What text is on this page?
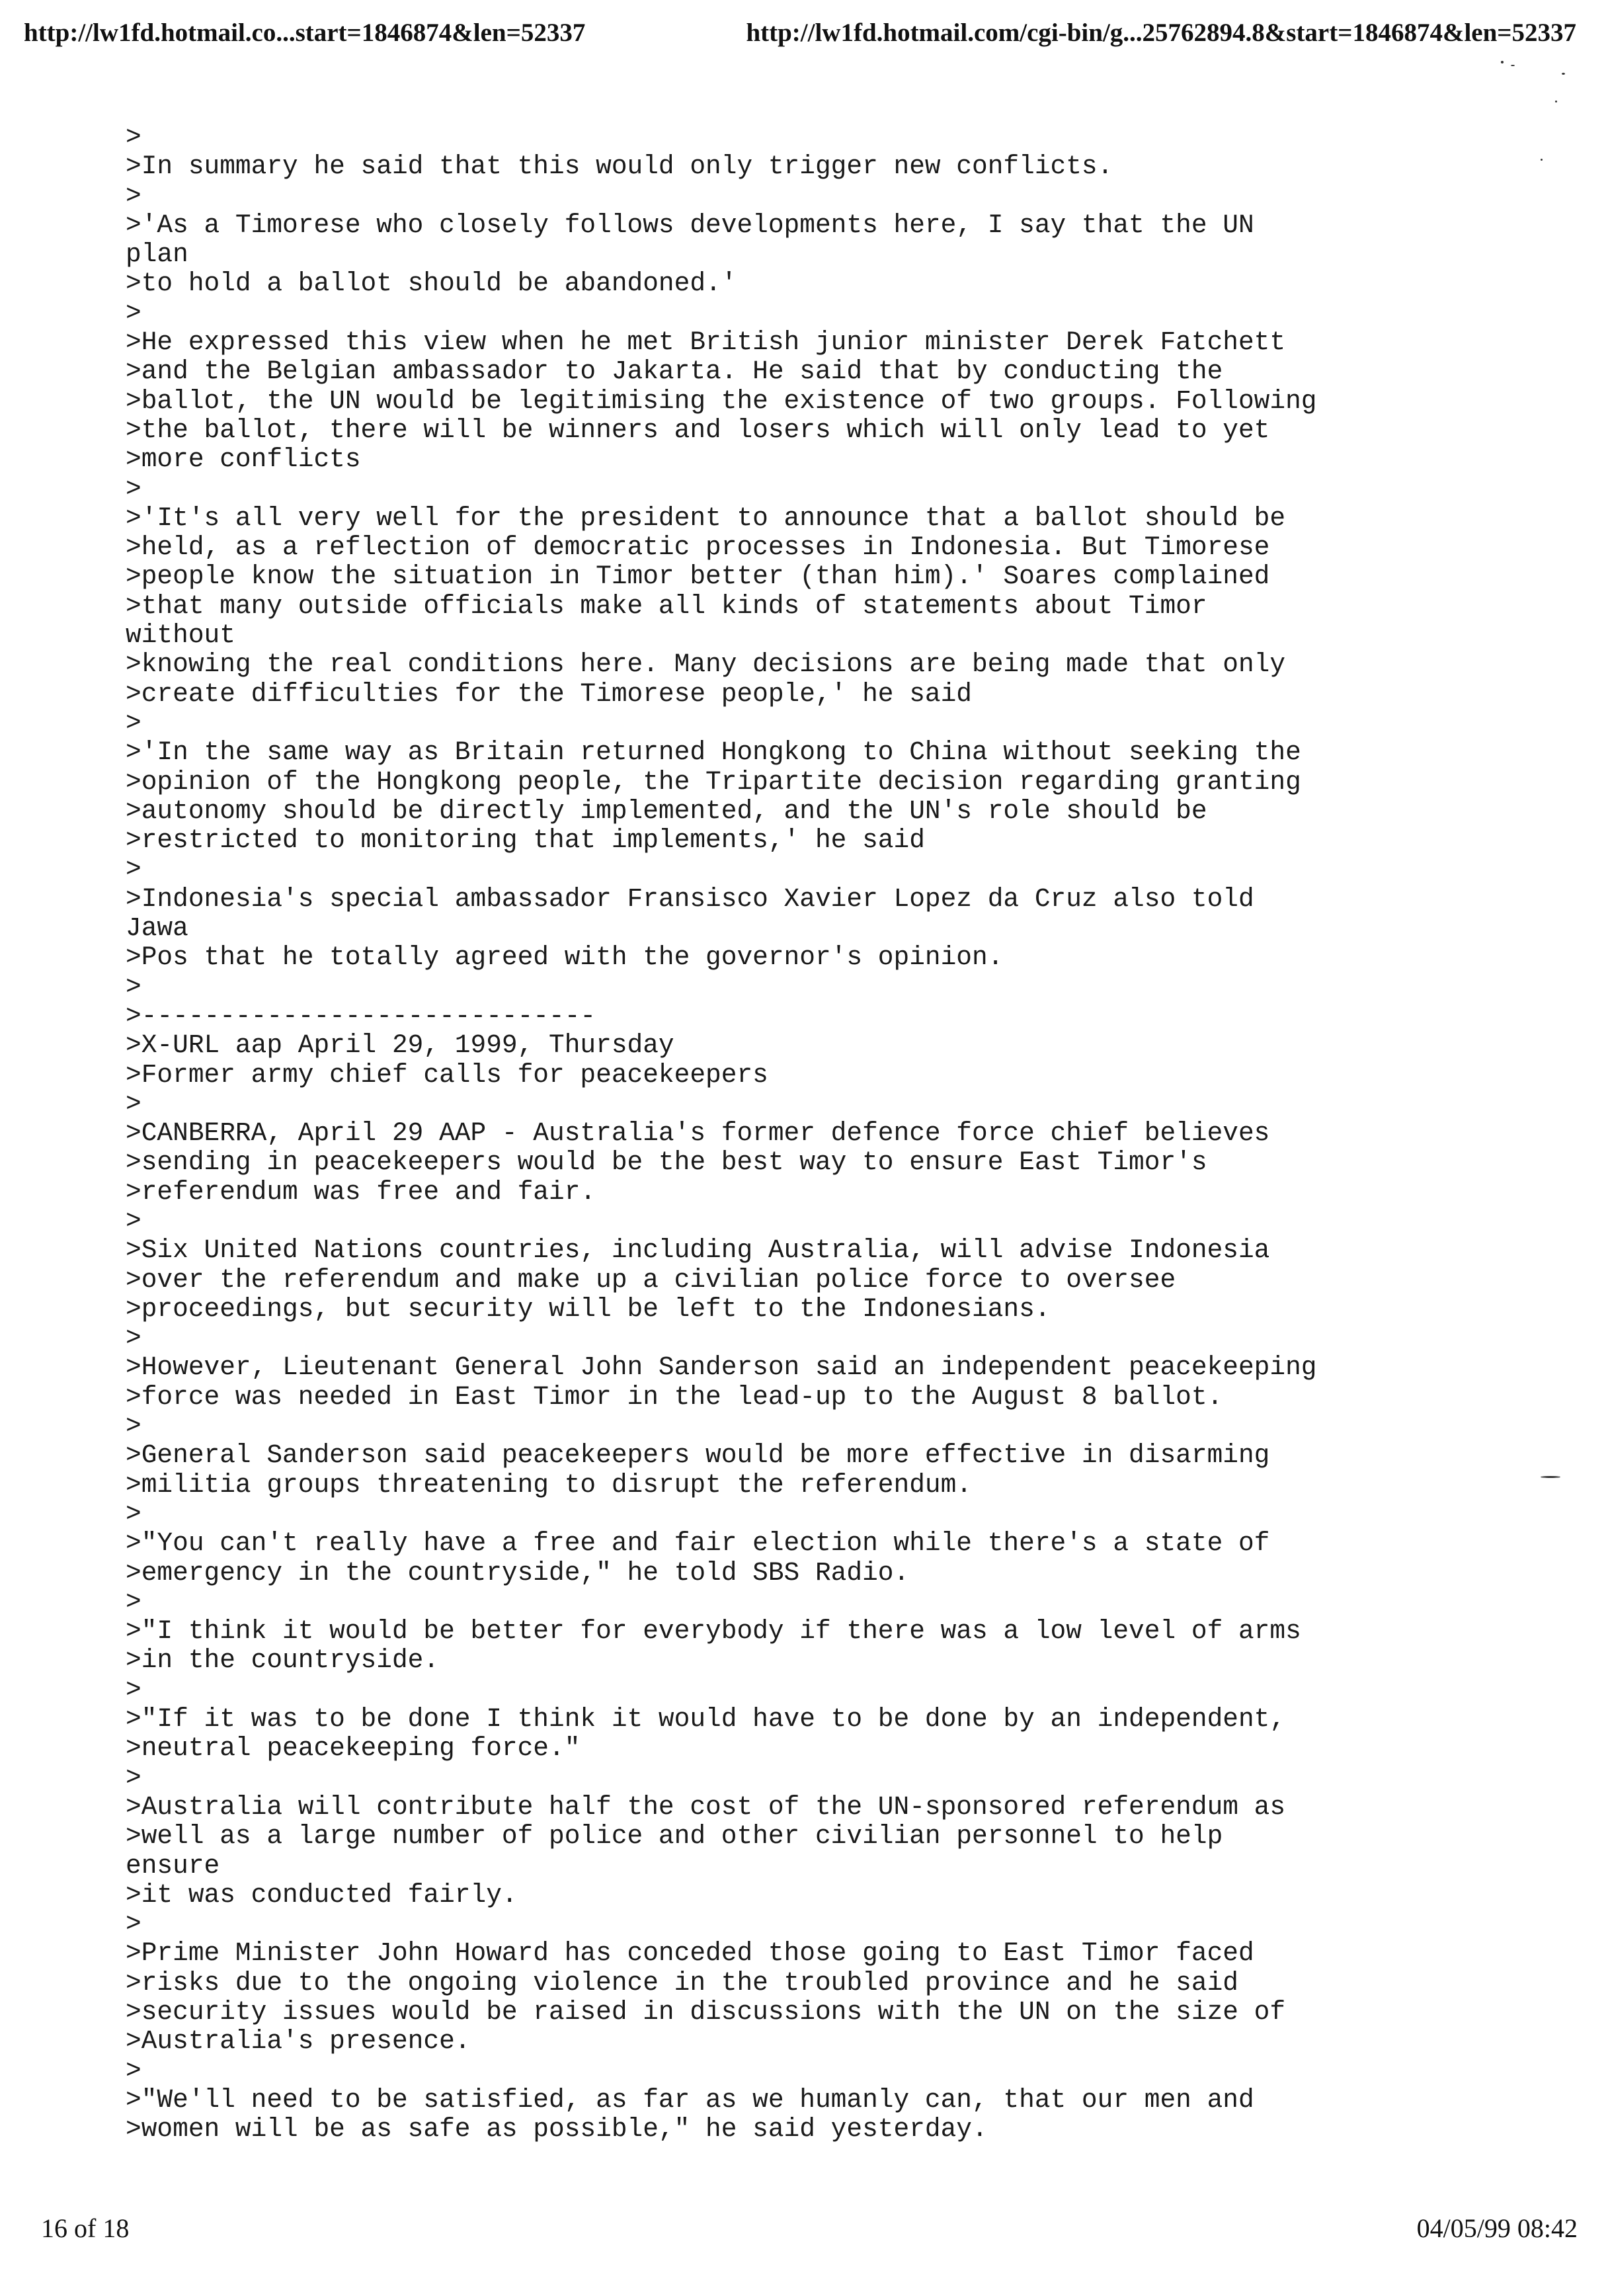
http://lw1fd.hotmail.co...start=1846874&len=52337	http://lw1fd.hotmail.com/cgi-bin/g...25762894.8&start=1846874&len=52337
>
>In summary he said that this would only trigger new conflicts.
>
>'As a Timorese who closely follows developments here, I say that the UN
plan
>to hold a ballot should be abandoned.'
>
>He expressed this view when he met British junior minister Derek Fatchett
>and the Belgian ambassador to Jakarta. He said that by conducting the
>ballot, the UN would be legitimising the existence of two groups. Following
>the ballot, there will be winners and losers which will only lead to yet
>more conflicts
>
>'It's all very well for the president to announce that a ballot should be
>held, as a reflection of democratic processes in Indonesia. But Timorese
>people know the situation in Timor better (than him).' Soares complained
>that many outside officials make all kinds of statements about Timor
without
>knowing the real conditions here. Many decisions are being made that only
>create difficulties for the Timorese people,' he said
>
>'In the same way as Britain returned Hongkong to China without seeking the
>opinion of the Hongkong people, the Tripartite decision regarding granting
>autonomy should be directly implemented, and the UN's role should be
>restricted to monitoring that implements,' he said
>
>Indonesia's special ambassador Fransisco Xavier Lopez da Cruz also told
Jawa
>Pos that he totally agreed with the governor's opinion.
>
>-----------------------------
>X-URL aap April 29, 1999, Thursday
>Former army chief calls for peacekeepers
>
>CANBERRA, April 29 AAP - Australia's former defence force chief believes
>sending in peacekeepers would be the best way to ensure East Timor's
>referendum was free and fair.
>
>Six United Nations countries, including Australia, will advise Indonesia
>over the referendum and make up a civilian police force to oversee
>proceedings, but security will be left to the Indonesians.
>
>However, Lieutenant General John Sanderson said an independent peacekeeping
>force was needed in East Timor in the lead-up to the August 8 ballot.
>
>General Sanderson said peacekeepers would be more effective in disarming
>militia groups threatening to disrupt the referendum.
>
>"You can't really have a free and fair election while there's a state of
>emergency in the countryside," he told SBS Radio.
>
>"I think it would be better for everybody if there was a low level of arms
>in the countryside.
>
>"If it was to be done I think it would have to be done by an independent,
>neutral peacekeeping force."
>
>Australia will contribute half the cost of the UN-sponsored referendum as
>well as a large number of police and other civilian personnel to help
ensure
>it was conducted fairly.
>
>Prime Minister John Howard has conceded those going to East Timor faced
>risks due to the ongoing violence in the troubled province and he said
>security issues would be raised in discussions with the UN on the size of
>Australia's presence.
>
>"We'll need to be satisfied, as far as we humanly can, that our men and
>women will be as safe as possible," he said yesterday.
16 of 18	04/05/99 08:42
